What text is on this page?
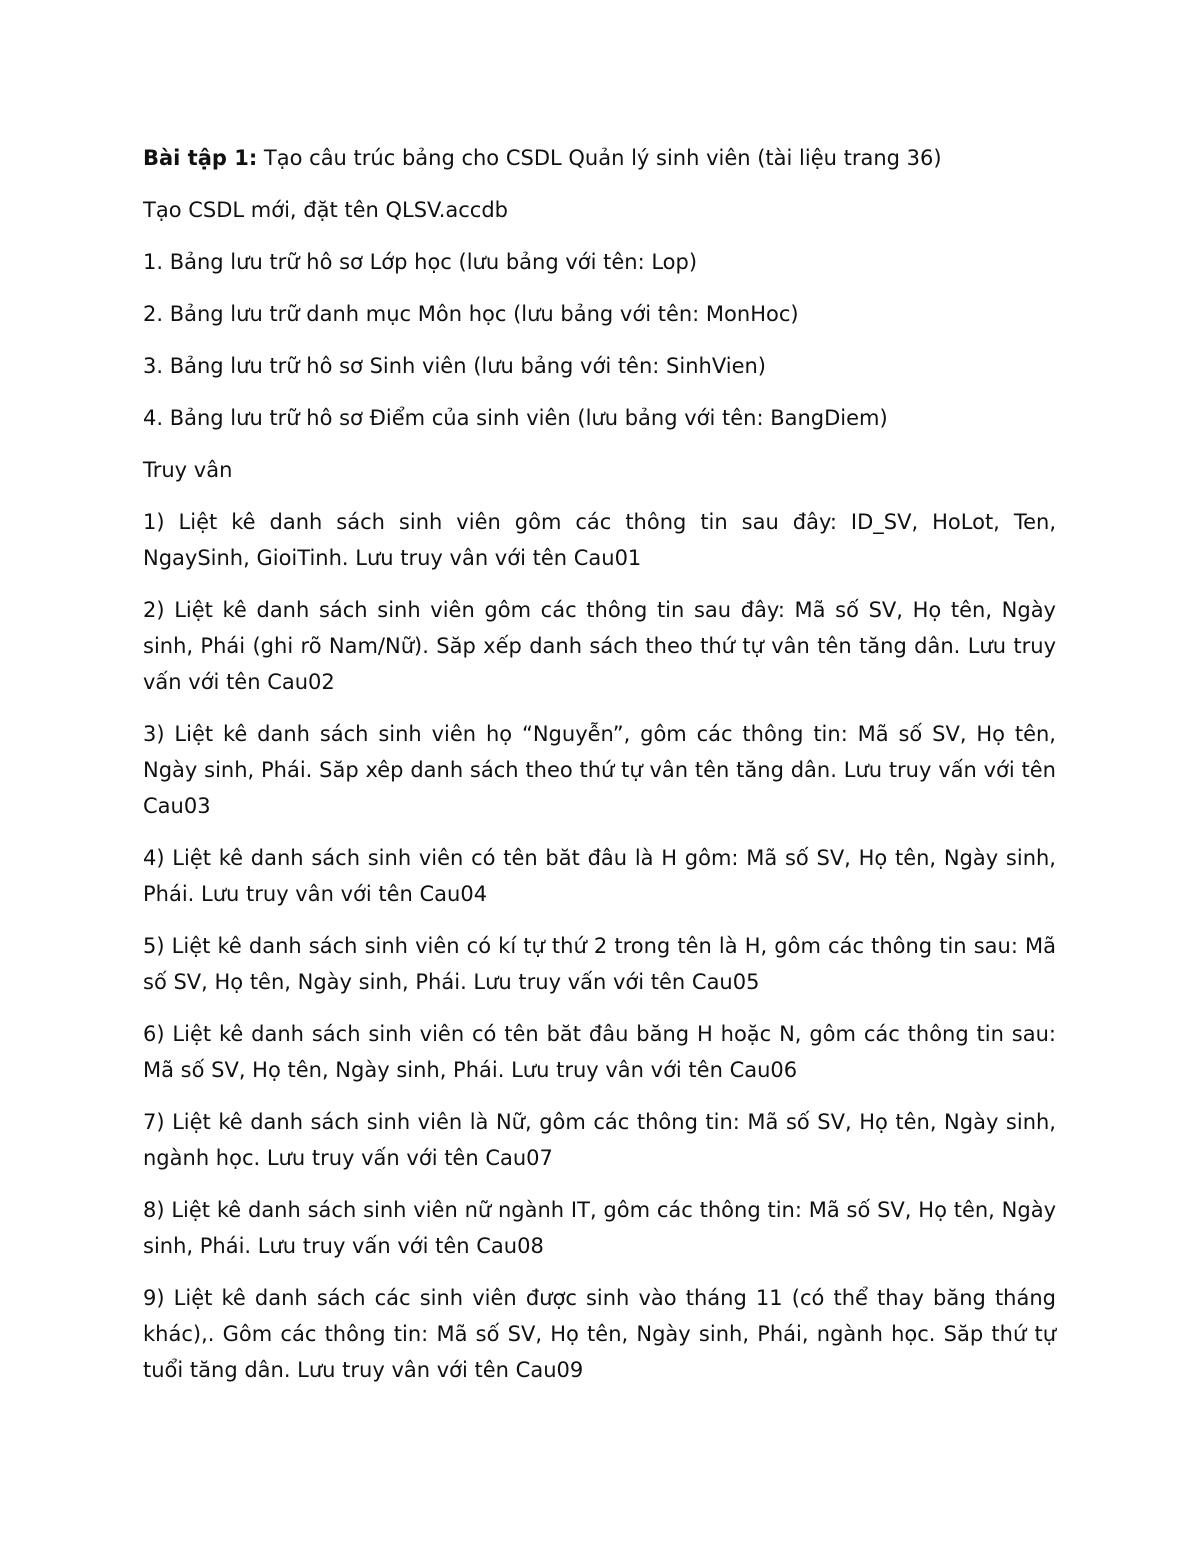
Bài tập 1: Tạo câu trúc bảng cho CSDL Quản lý sinh viên (tài liệu trang 36)

Tạo CSDL mới, đặt tên QLSV.accdb

1. Bảng lưu trữ hô sơ Lớp học (lưu bảng với tên: Lop)

2. Bảng lưu trữ danh mục Môn học (lưu bảng với tên: MonHoc)

3. Bảng lưu trữ hô sơ Sinh viên (lưu bảng với tên: SinhVien)

4. Bảng lưu trữ hô sơ Điểm của sinh viên (lưu bảng với tên: BangDiem)

Truy vân

1) Liệt kê danh sách sinh viên gôm các thông tin sau đây: ID_SV, HoLot, Ten, NgaySinh, GioiTinh. Lưu truy vân với tên Cau01

2) Liệt kê danh sách sinh viên gôm các thông tin sau đây: Mã số SV, Họ tên, Ngày sinh, Phái (ghi rõ Nam/Nữ). Săp xếp danh sách theo thứ tự vân tên tăng dân. Lưu truy vấn với tên Cau02

3) Liệt kê danh sách sinh viên họ “Nguyễn”, gôm các thông tin: Mã số SV, Họ tên, Ngày sinh, Phái. Săp xêp danh sách theo thứ tự vân tên tăng dân. Lưu truy vấn với tên Cau03

4) Liệt kê danh sách sinh viên có tên băt đâu là H gôm: Mã số SV, Họ tên, Ngày sinh, Phái. Lưu truy vân với tên Cau04

5) Liệt kê danh sách sinh viên có kí tự thứ 2 trong tên là H, gôm các thông tin sau: Mã số SV, Họ tên, Ngày sinh, Phái. Lưu truy vấn với tên Cau05

6) Liệt kê danh sách sinh viên có tên băt đâu băng H hoặc N, gôm các thông tin sau: Mã số SV, Họ tên, Ngày sinh, Phái. Lưu truy vân với tên Cau06

7) Liệt kê danh sách sinh viên là Nữ, gôm các thông tin: Mã số SV, Họ tên, Ngày sinh, ngành học. Lưu truy vấn với tên Cau07

8) Liệt kê danh sách sinh viên nữ ngành IT, gôm các thông tin: Mã số SV, Họ tên, Ngày sinh, Phái. Lưu truy vấn với tên Cau08

9) Liệt kê danh sách các sinh viên được sinh vào tháng 11 (có thể thay băng tháng khác),. Gôm các thông tin: Mã số SV, Họ tên, Ngày sinh, Phái, ngành học. Săp thứ tự tuổi tăng dân. Lưu truy vân với tên Cau09
